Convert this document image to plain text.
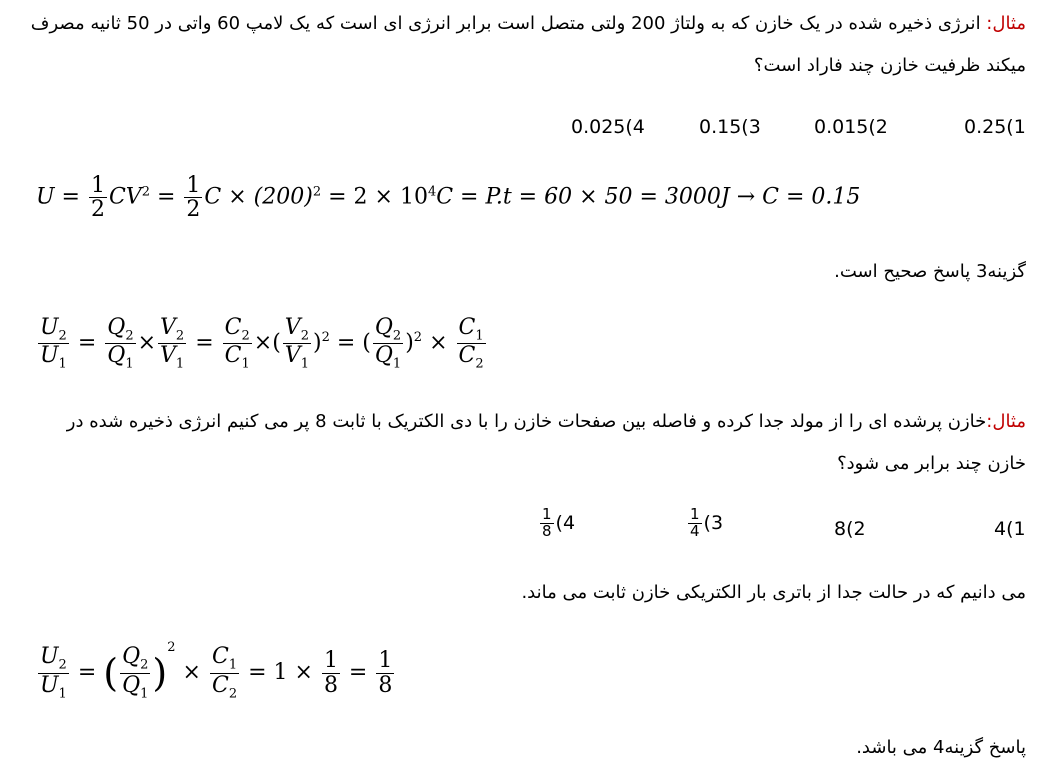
مثال: انرژی ذخیره شده در یک خازن که به ولتاژ 200 ولتی متصل است برابر انرژی ای است که یک لامپ 60 واتی در 50 ثانیه مصرف
میکند ظرفیت خازن چند فاراد است؟
0.25(1
0.015(2
0.15(3
0.025(4
$U = \frac{1}{2} CV^2 = \frac{1}{2}$ $C \times (200)^2 = 2 \times 10^4C = P.t = 60 \times 50 = 3000J \to C = 0.15$
گزینه3 پاسخ صحیح است.
$\frac{U_2}{U_1} = \frac{Q_2}{Q_1} \times \frac{V_2}{V_1} = \frac{C_2}{C_1}$ ×( $\frac{V_2}{V_1} )^2$ = ( $\frac{Q_2}{Q_1} )^2 \times \frac{C_1}{C_2}$
مثال:خازن پرشده ای را از مولد جدا کرده و فاصله بین صفحات خازن را با دی الکتریک با ثابت 8 پر می کنیم انرژی ذخیره شده در
خازن چند برابر می شود؟
4(1
8(2
$\frac{1}{4} (3$
$\frac{1}{8} (4$
می دانیم که در حالت جدا از باتری بار الکتریکی خازن ثابت می ماند.
$\frac{U_2}{U_1}$ = ( $\frac{Q_2}{Q_1} )^2 \times \frac{C_1}{C_2} = 1 \times \frac{1}{8} = \frac{1}{8}$
پاسخ گزینه4 می باشد.
